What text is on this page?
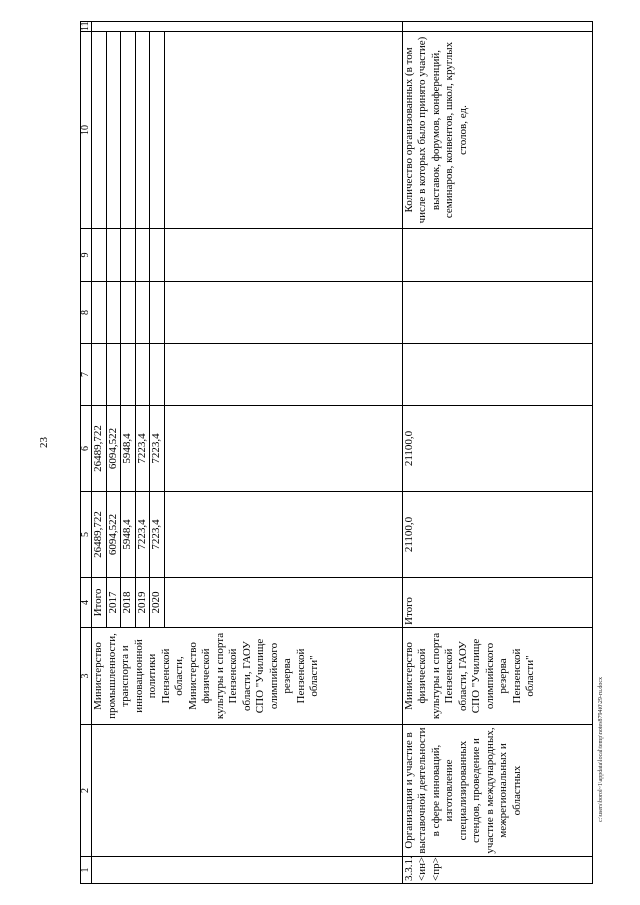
23
c:\users\borol~1\appdata\local\temp\notes8794i0\29-ru.docx
1	2	3	4	5	6	7	8	9	10	11
		Министерство промышленности, транспорта и инновационной политики Пензенской области, Министерство физической культуры и спорта Пензенской области, ГАОУ СПО "Училище олимпийского резерва Пензенской области"	Итого	26489,722	26489,722					
			2017	6094,522	6094,522					
			2018	5948,4	5948,4					
			2019	7223,4	7223,4					
			2020	7223,4	7223,4					

3.3.1. <ин> <пр>	Организация и участие в выставочной деятельности в сфере инноваций, изготовление специализированных стендов, проведение и участие в международных, межрегиональных и областных	Министерство физической культуры и спорта Пензенской области, ГАОУ СПО "Училище олимпийского резерва Пензенской области"	Итого	21100,0	21100,0				Количество организованных (в том числе в которых было принято участие) выставок, форумов, конференций, семинаров, конвентов, школ, круглых столов, ед.	
